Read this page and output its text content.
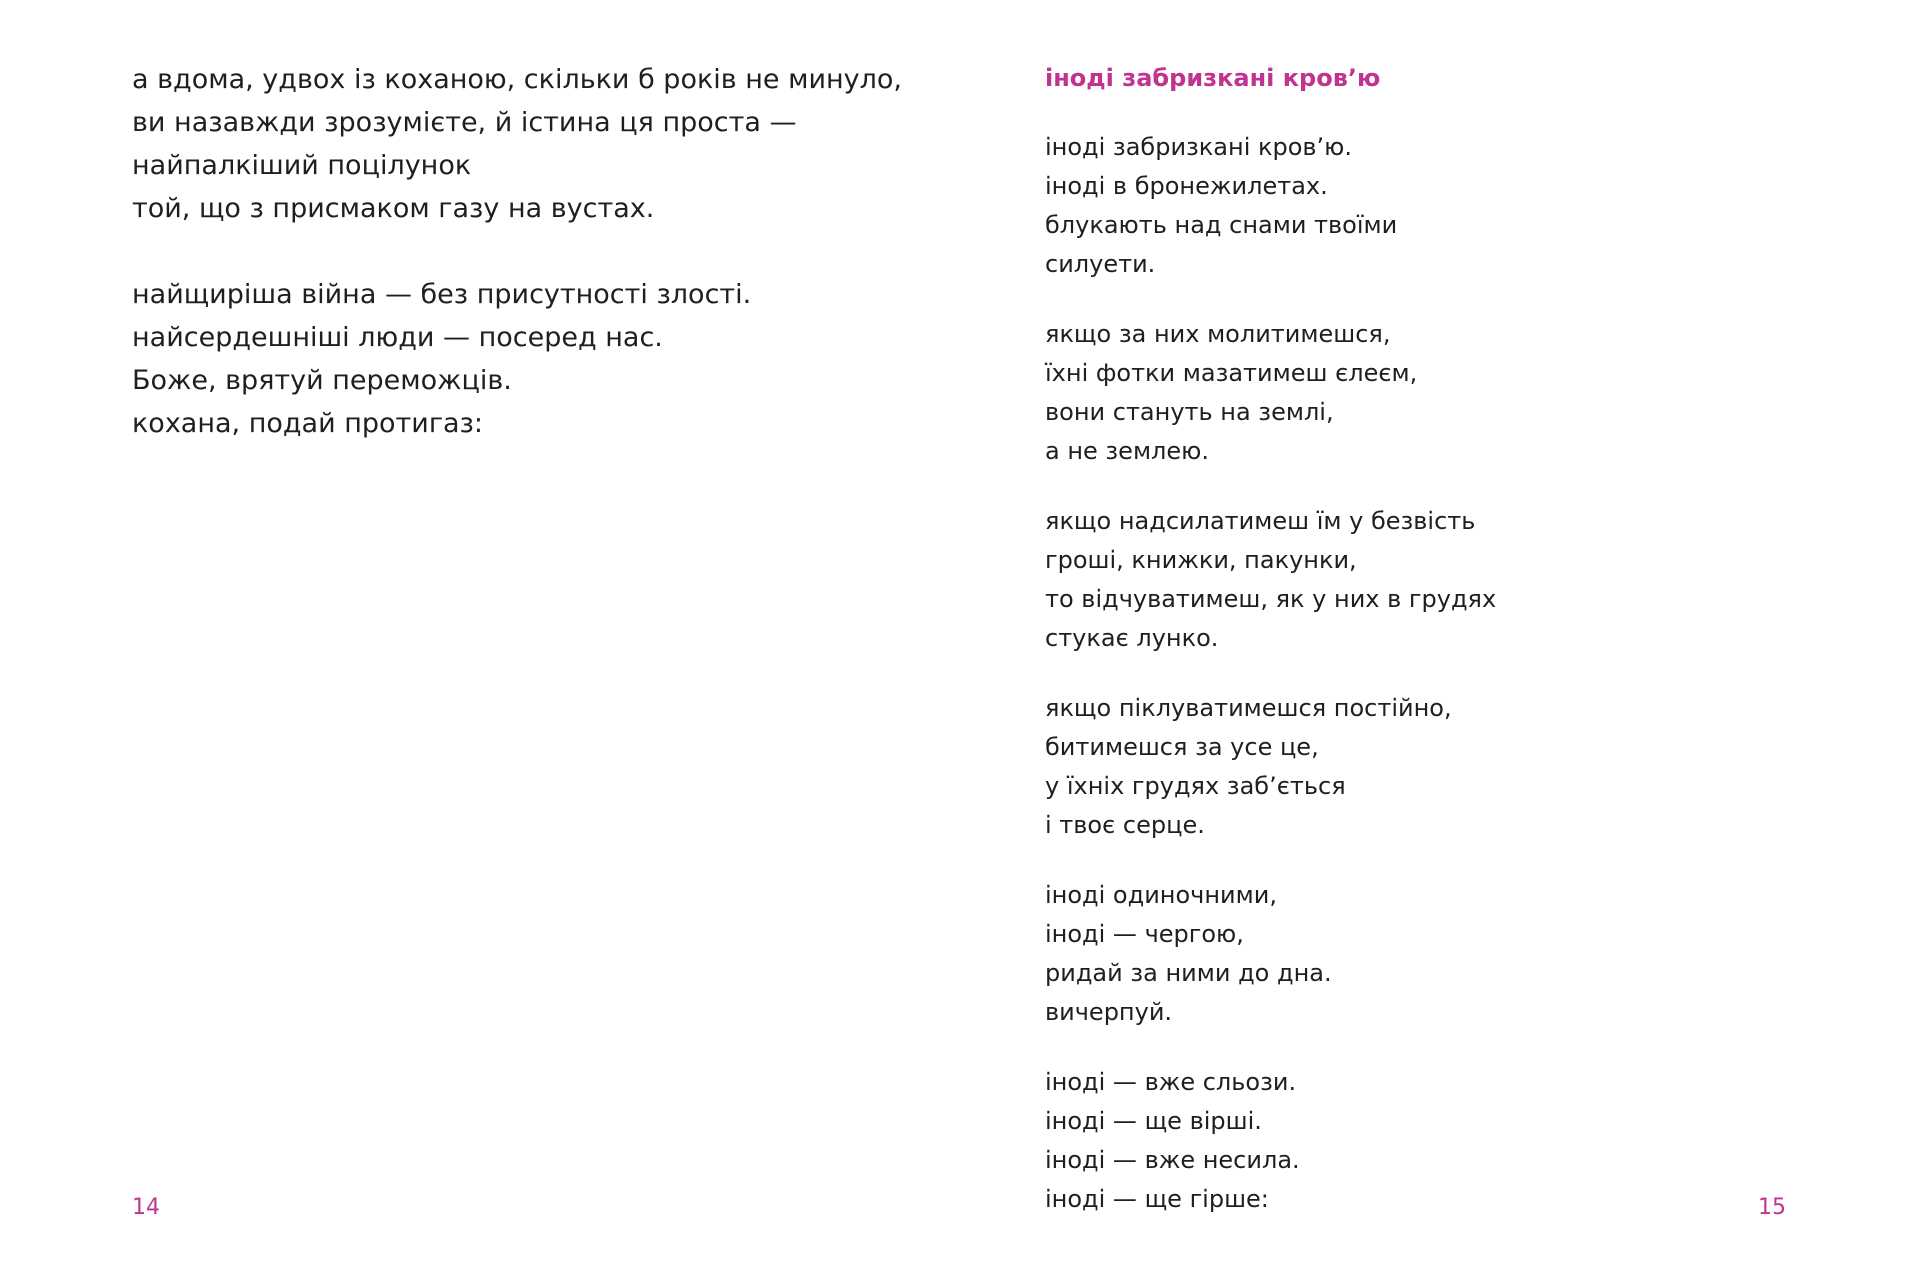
а вдома, удвох із коханою, скільки б років не минуло,
ви назавжди зрозумієте, й істина ця проста —
найпалкіший поцілунок
той, що з присмаком газу на вустах.
найщиріша війна — без присутності злості.
найсердешніші люди — посеред нас.
Боже, врятуй переможців.
кохана, подай протигаз:
14
іноді забризкані кров’ю
іноді забризкані кров’ю.
іноді в бронежилетах.
блукають над снами твоїми
силуети.
якщо за них молитимешся,
їхні фотки мазатимеш єлеєм,
вони стануть на землі,
а не землею.
якщо надсилатимеш їм у безвість
гроші, книжки, пакунки,
то відчуватимеш, як у них в грудях
стукає лунко.
якщо піклуватимешся постійно,
битимешся за усе це,
у їхніх грудях заб’ється
і твоє серце.
іноді одиночними,
іноді — чергою,
ридай за ними до дна.
вичерпуй.
іноді — вже сльози.
іноді — ще вірші.
іноді — вже несила.
іноді — ще гірше:	15
